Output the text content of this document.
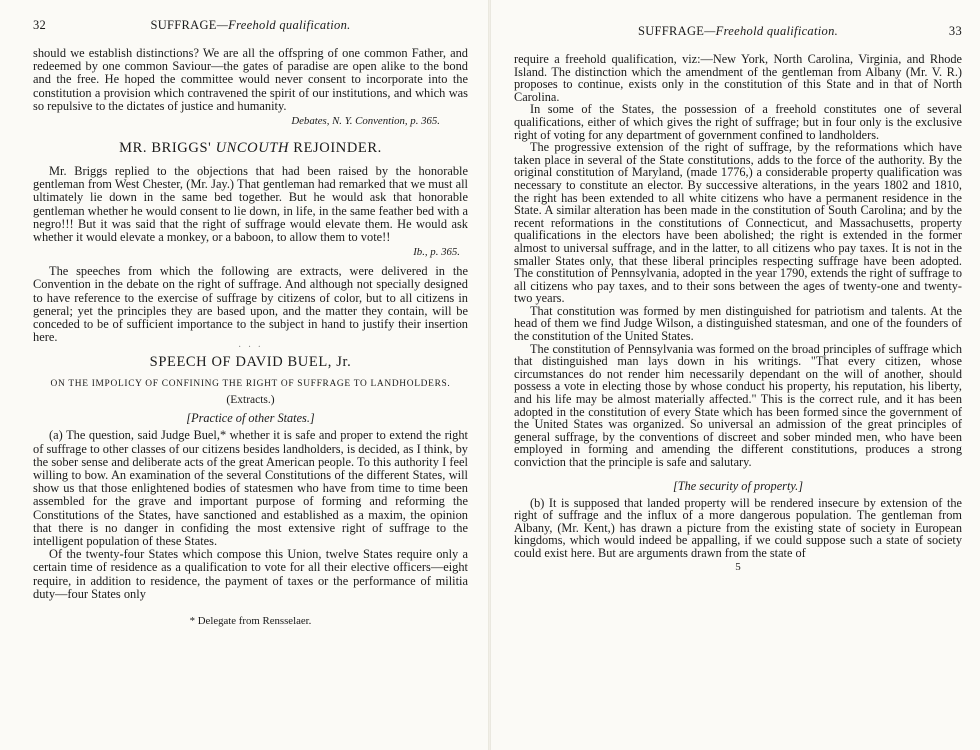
32	SUFFRAGE—Freehold qualification.

should we establish distinctions? We are all the offspring of one common Father, and redeemed by one common Saviour—the gates of paradise are open alike to the bond and the free. He hoped the committee would never consent to incorporate into the constitution a provision which contravened the spirit of our institutions, and which was so repulsive to the dictates of justice and humanity.

Debates, N. Y. Convention, p. 365.
MR. BRIGGS' UNCOUTH REJOINDER.

Mr. Briggs replied to the objections that had been raised by the honorable gentleman from West Chester, (Mr. Jay.) That gentleman had remarked that we must all ultimately lie down in the same bed together. But he would ask that honorable gentleman whether he would consent to lie down, in life, in the same feather bed with a negro!!! But it was said that the right of suffrage would elevate them. He would ask whether it would elevate a monkey, or a baboon, to allow them to vote!!

Ib., p. 365.

The speeches from which the following are extracts, were delivered in the Convention in the debate on the right of suffrage. And although not specially designed to have reference to the exercise of suffrage by citizens of color, but to all citizens in general; yet the principles they are based upon, and the matter they contain, will be conceded to be of sufficient importance to the subject in hand to justify their insertion here.

· · ·
SPEECH OF DAVID BUEL, Jr.
ON THE IMPOLICY OF CONFINING THE RIGHT OF SUFFRAGE TO LANDHOLDERS.
(Extracts.)
[Practice of other States.]

(a) The question, said Judge Buel,* whether it is safe and proper to extend the right of suffrage to other classes of our citizens besides landholders, is decided, as I think, by the sober sense and deliberate acts of the great American people. To this authority I feel willing to bow. An examination of the several Constitutions of the different States, will show us that those enlightened bodies of statesmen who have from time to time been assembled for the grave and important purpose of forming and reforming the Constitutions of the States, have sanctioned and established as a maxim, the opinion that there is no danger in confiding the most extensive right of suffrage to the intelligent population of these States.

Of the twenty-four States which compose this Union, twelve States require only a certain time of residence as a qualification to vote for all their elective officers—eight require, in addition to residence, the payment of taxes or the performance of militia duty—four States only

* Delegate from Rensselaer.
SUFFRAGE—Freehold qualification.	33

require a freehold qualification, viz:—New York, North Carolina, Virginia, and Rhode Island. The distinction which the amendment of the gentleman from Albany (Mr. V. R.) proposes to continue, exists only in the constitution of this State and in that of North Carolina.

In some of the States, the possession of a freehold constitutes one of several qualifications, either of which gives the right of suffrage; but in four only is the exclusive right of voting for any department of government confined to landholders.

The progressive extension of the right of suffrage, by the reformations which have taken place in several of the State constitutions, adds to the force of the authority. By the original constitution of Maryland, (made 1776,) a considerable property qualification was necessary to constitute an elector. By successive alterations, in the years 1802 and 1810, the right has been extended to all white citizens who have a permanent residence in the State. A similar alteration has been made in the constitution of South Carolina; and by the recent reformations in the constitutions of Connecticut, and Massachusetts, property qualifications in the electors have been abolished; the right is extended in the former almost to universal suffrage, and in the latter, to all citizens who pay taxes. It is not in the smaller States only, that these liberal principles respecting suffrage have been adopted. The constitution of Pennsylvania, adopted in the year 1790, extends the right of suffrage to all citizens who pay taxes, and to their sons between the ages of twenty-one and twenty-two years.

That constitution was formed by men distinguished for patriotism and talents. At the head of them we find Judge Wilson, a distinguished statesman, and one of the founders of the constitution of the United States.

The constitution of Pennsylvania was formed on the broad principles of suffrage which that distinguished man lays down in his writings. "That every citizen, whose circumstances do not render him necessarily dependant on the will of another, should possess a vote in electing those by whose conduct his property, his reputation, his liberty, and his life may be almost materially affected." This is the correct rule, and it has been adopted in the constitution of every State which has been formed since the government of the United States was organized. So universal an admission of the great principles of general suffrage, by the conventions of discreet and sober minded men, who have been employed in forming and amending the different constitutions, produces a strong conviction that the principle is safe and salutary.

[The security of property.]

(b) It is supposed that landed property will be rendered insecure by extension of the right of suffrage and the influx of a more dangerous population. The gentleman from Albany, (Mr. Kent,) has drawn a picture from the existing state of society in European kingdoms, which would indeed be appalling, if we could suppose such a state of society could exist here. But are arguments drawn from the state of

5
